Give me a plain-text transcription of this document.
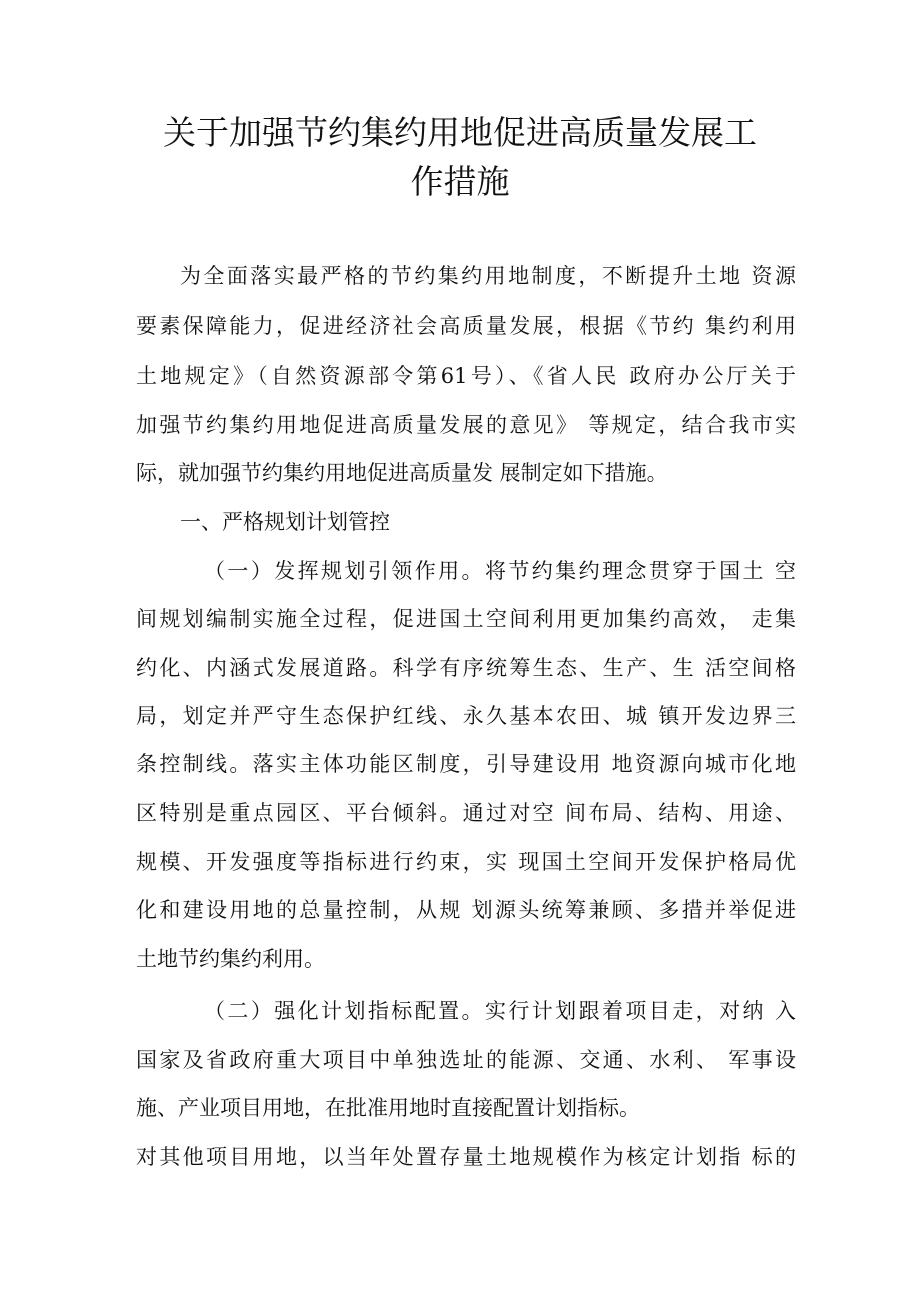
关于加强节约集约用地促进高质量发展工
作措施
为全面落实最严格的节约集约用地制度，不断提升土地 资源
要素保障能力，促进经济社会高质量发展，根据《节约 集约利用
土地规定》（自然资源部令第61号）、《省人民 政府办公厅关于
加强节约集约用地促进高质量发展的意见》 等规定，结合我市实
际，就加强节约集约用地促进高质量发 展制定如下措施。
一、严格规划计划管控
（一）发挥规划引领作用。将节约集约理念贯穿于国土 空
间规划编制实施全过程，促进国土空间利用更加集约高效， 走集
约化、内涵式发展道路。科学有序统筹生态、生产、生 活空间格
局，划定并严守生态保护红线、永久基本农田、城 镇开发边界三
条控制线。落实主体功能区制度，引导建设用 地资源向城市化地
区特别是重点园区、平台倾斜。通过对空 间布局、结构、用途、
规模、开发强度等指标进行约束，实 现国土空间开发保护格局优
化和建设用地的总量控制，从规 划源头统筹兼顾、多措并举促进
土地节约集约利用。
（二）强化计划指标配置。实行计划跟着项目走，对纳 入
国家及省政府重大项目中单独选址的能源、交通、水利、 军事设
施、产业项目用地，在批准用地时直接配置计划指标。
对其他项目用地，以当年处置存量土地规模作为核定计划指 标的
